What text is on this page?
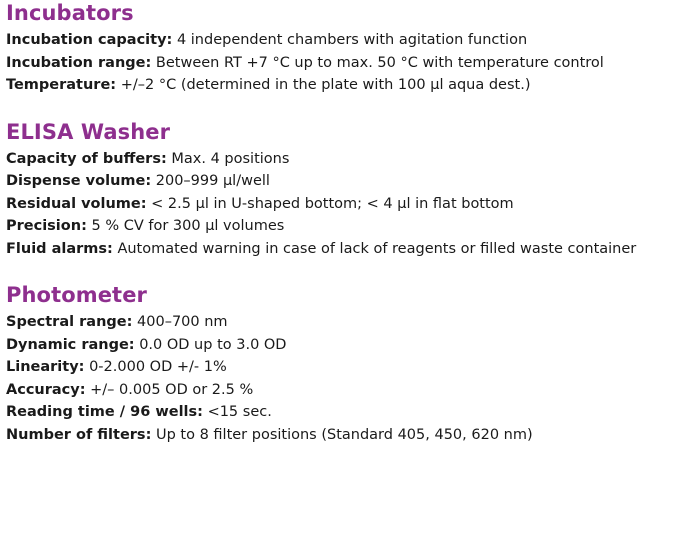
Incubators
Incubation capacity: 4 independent chambers with agitation function
Incubation range: Between RT +7 °C up to max. 50 °C with temperature control
Temperature: +/–2 °C (determined in the plate with 100 µl aqua dest.)
ELISA Washer
Capacity of buffers: Max. 4 positions
Dispense volume: 200–999 µl/well
Residual volume: < 2.5 µl in U-shaped bottom; < 4 µl in flat bottom
Precision: 5 % CV for 300 µl volumes
Fluid alarms: Automated warning in case of lack of reagents or filled waste container
Photometer
Spectral range: 400–700 nm
Dynamic range: 0.0 OD up to 3.0 OD
Linearity: 0-2.000 OD +/- 1%
Accuracy: +/– 0.005 OD or 2.5 %
Reading time / 96 wells: <15 sec.
Number of filters: Up to 8 filter positions (Standard 405, 450, 620 nm)
